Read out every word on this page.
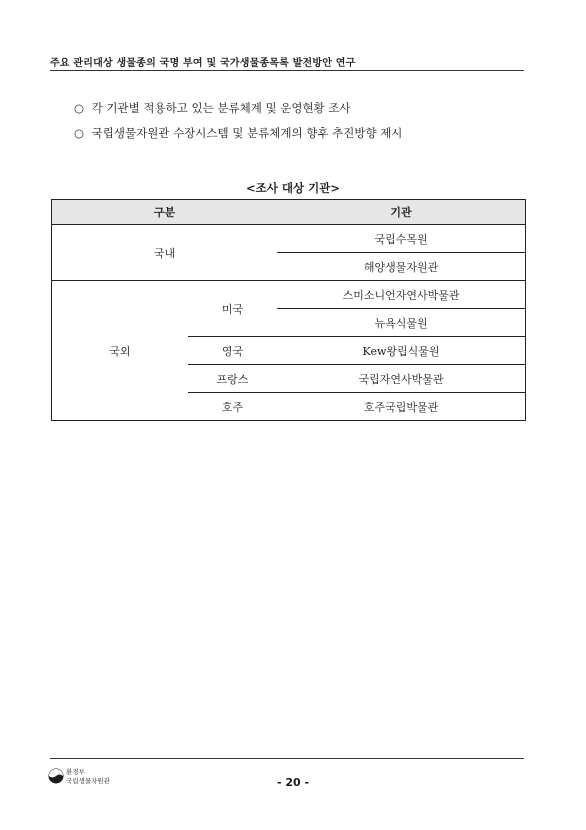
주요 관리대상 생물종의 국명 부여 및 국가생물종목록 발전방안 연구
○ 각 기관별 적용하고 있는 분류체계 및 운영현황 조사
○ 국립생물자원관 수장시스템 및 분류체계의 향후 추진방향 제시
<조사 대상 기관>
구분		기관
국내		국립수목원
		해양생물자원관
국외	미국	스미소니언자연사박물관
		뉴욕식물원
	영국	Kew왕립식물원
	프랑스	국립자연사박물관
	호주	호주국립박물관
환경부
국립생물자원관	- 20 -
